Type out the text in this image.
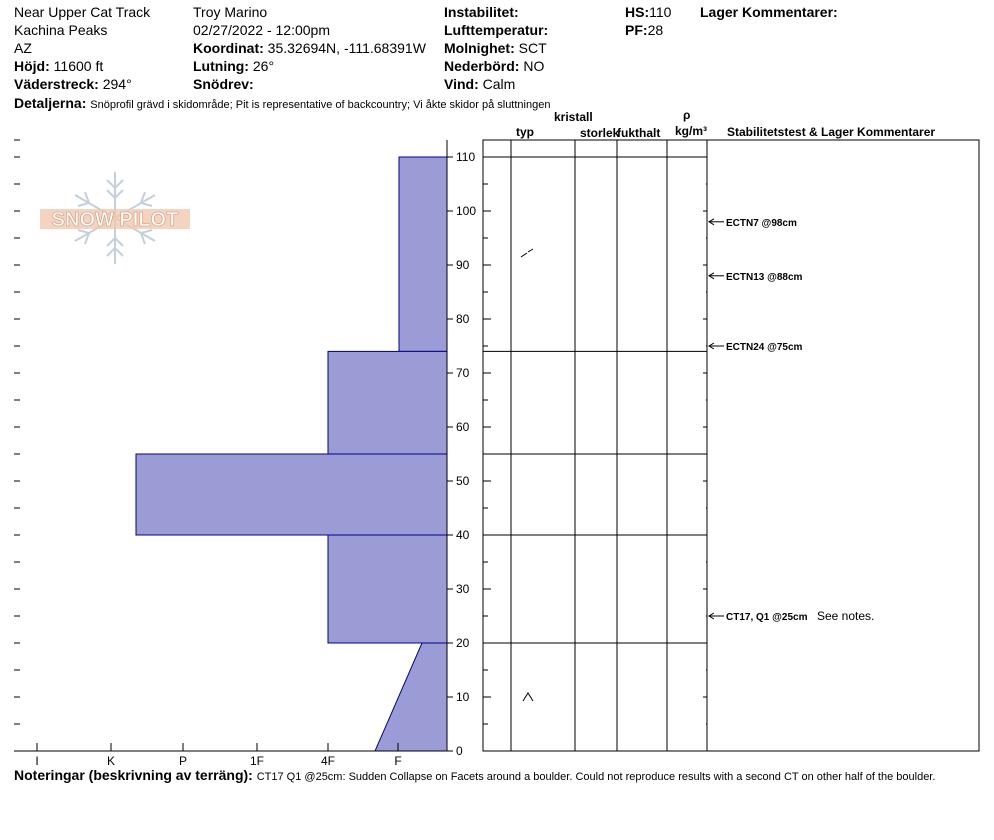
Near Upper Cat Track
Kachina Peaks
AZ
Höjd: 11600 ft
Väderstreck: 294°
Troy Marino
02/27/2022 - 12:00pm
Koordinat: 35.32694N, -111.68391W
Lutning: 26°
Snödrev:
Instabilitet:
Lufttemperatur:
Molnighet: SCT
Nederbörd: NO
Vind: Calm
HS:110
PF:28
Lager Kommentarer:
Detaljerna: Snöprofil grävd i skidområde; Pit is representative of backcountry; Vi åkte skidor på sluttningen
typ
kristall
storlek
fukthalt
ρ
kg/m³ Stabilitetstest & Lager Kommentarer
SNOW PILOT
I	K	P	1F	4F	F
0
10
20
30
40
50
60
70
80
90
100
110
ECTN7 @98cm
ECTN13 @88cm
ECTN24 @75cm
CT17, Q1 @25cm See notes.
Noteringar (beskrivning av terräng): CT17 Q1 @25cm: Sudden Collapse on Facets around a boulder. Could not reproduce results with a second CT on other half of the boulder.
